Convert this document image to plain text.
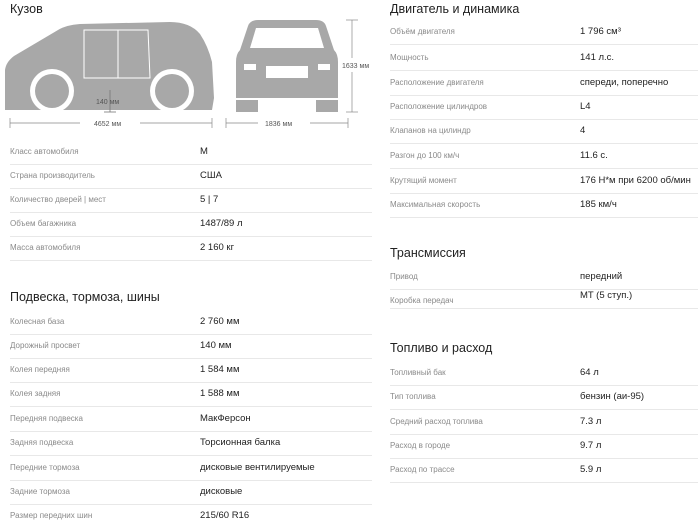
Кузов
140 мм
4652 мм	1836 мм
1633 мм
Класс автомобиля	M
Страна производитель	США
Количество дверей | мест	5 | 7
Объем багажника	1487/89 л
Масса автомобиля	2 160 кг
Подвеска, тормоза, шины
Колесная база	2 760 мм
Дорожный просвет	140 мм
Колея передняя	1 584 мм
Колея задняя	1 588 мм
Передняя подвеска	МакФерсон
Задняя подвеска	Торсионная балка
Передние тормоза	дисковые вентилируемые
Задние тормоза	дисковые
Размер передних шин	215/60 R16
Двигатель и динамика
Объём двигателя	1 796 см³
Мощность	141 л.с.
Расположение двигателя	спереди, поперечно
Расположение цилиндров	L4
Клапанов на цилиндр	4
Разгон до 100 км/ч	11.6 с.
Крутящий момент	176 Н*м при 6200 об/мин
Максимальная скорость	185 км/ч
Трансмиссия
Привод	передний
Коробка передач	MT (5 ступ.)
Топливо и расход
Топливный бак	64 л
Тип топлива	бензин (аи-95)
Средний расход топлива	7.3 л
Расход в городе	9.7 л
Расход по трассе	5.9 л
